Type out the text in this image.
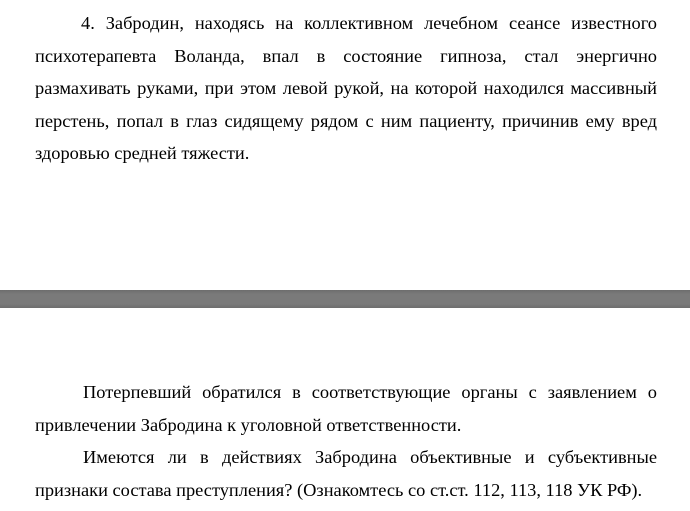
4. Забродин, находясь на коллективном лечебном сеансе известного психотерапевта Воланда, впал в состояние гипноза, стал энергично размахивать руками, при этом левой рукой, на которой находился массивный перстень, попал в глаз сидящему рядом с ним пациенту, причинив ему вред здоровью средней тяжести.

Потерпевший обратился в соответствующие органы с заявлением о привлечении Забродина к уголовной ответственности.

Имеются ли в действиях Забродина объективные и субъективные признаки состава преступления? (Ознакомтесь со ст.ст. 112, 113, 118 УК РФ).
